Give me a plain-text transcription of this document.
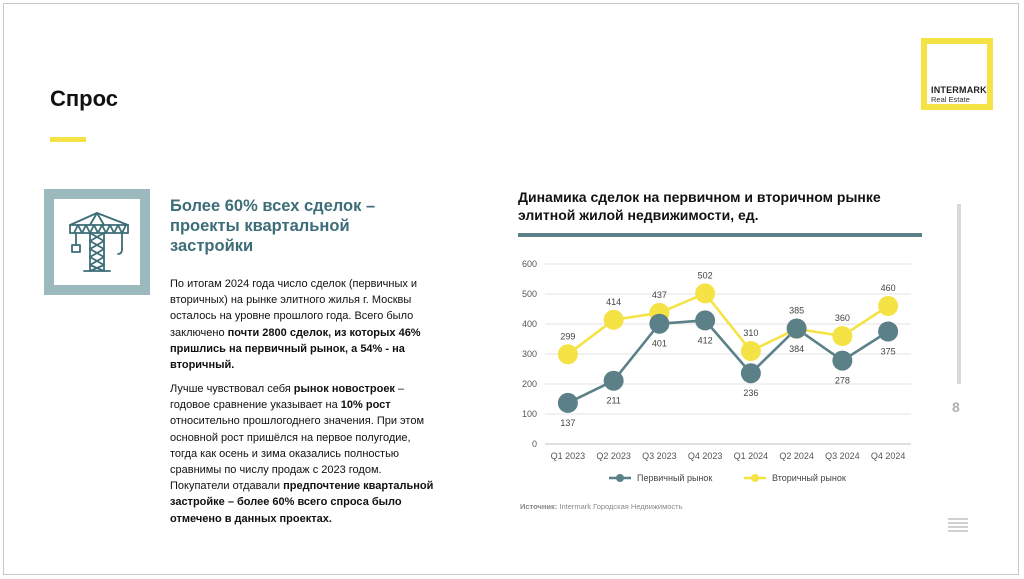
Спрос	INTERMARK
Real Estate
Более 60% всех сделок – проекты квартальной застройки

По итогам 2024 года число сделок (первичных и вторичных) на рынке элитного жилья г. Москвы осталось на уровне прошлого года. Всего было заключено почти 2800 сделок, из которых 46% пришлись на первичный рынок, а 54% - на вторичный.

Лучше чувствовал себя рынок новостроек – годовое сравнение указывает на 10% рост относительно прошлогоднего значения. При этом основной рост пришёлся на первое полугодие, тогда как осень и зима оказались полностью сравнимы по числу продаж с 2023 годом. Покупатели отдавали предпочтение квартальной застройке – более 60% всего спроса было отмечено в данных проектах.

Динамика сделок на первичном и вторичном рынке элитной жилой недвижимости, ед.
0
100
200
300
400
500
600
Q1 2023 Q2 2023 Q3 2023 Q4 2023 Q1 2024 Q2 2024 Q3 2024 Q4 2024
299
137
414
211
437
401
502
412
310
236
385
384
360
278
460
375
Первичный рынок	Вторичный рынок
Источник: Intermark Городская Недвижимость
8
